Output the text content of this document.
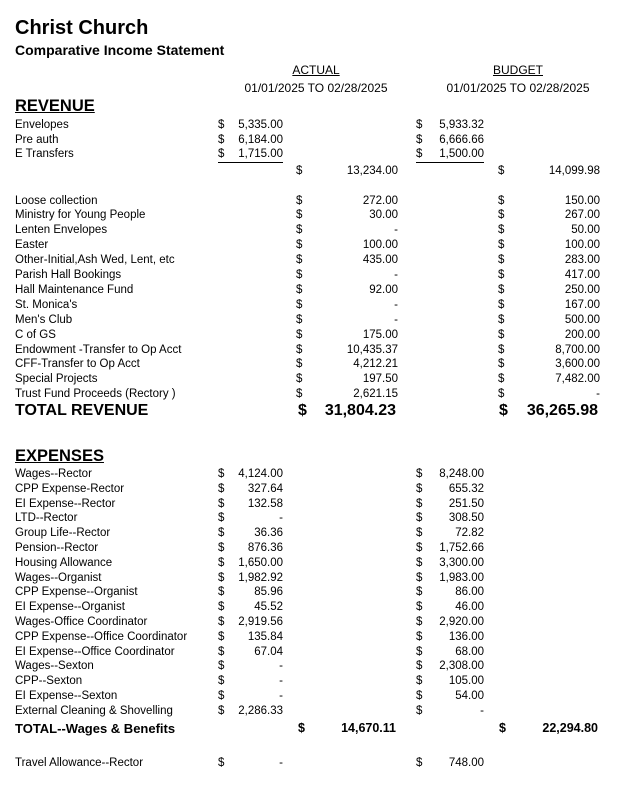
Christ Church
Comparative Income Statement
ACTUAL
01/01/2025 TO 02/28/2025
BUDGET
01/01/2025 TO 02/28/2025
REVENUE
Envelopes	$	5,335.00	$	5,933.32
Pre auth	$	6,184.00	$	6,666.66
E Transfers	$	1,715.00	$	1,500.00
$	13,234.00	$	14,099.98
Loose collection	$	272.00	$	150.00
Ministry for Young People	$	30.00	$	267.00
Lenten Envelopes	$	-	$	50.00
Easter	$	100.00	$	100.00
Other-Initial,Ash Wed, Lent, etc	$	435.00	$	283.00
Parish Hall Bookings	$	-	$	417.00
Hall Maintenance Fund	$	92.00	$	250.00
St. Monica's	$	-	$	167.00
Men's Club	$	-	$	500.00
C of GS	$	175.00	$	200.00
Endowment -Transfer to Op Acct	$	10,435.37	$	8,700.00
CFF-Transfer to Op Acct	$	4,212.21	$	3,600.00
Special Projects	$	197.50	$	7,482.00
Trust Fund Proceeds (Rectory )	$	2,621.15	$	-
TOTAL REVENUE	$	31,804.23	$	36,265.98
EXPENSES
Wages--Rector	$	4,124.00	$	8,248.00
CPP Expense-Rector	$	327.64	$	655.32
EI Expense--Rector	$	132.58	$	251.50
LTD--Rector	$	-	$	308.50
Group Life--Rector	$	36.36	$	72.82
Pension--Rector	$	876.36	$	1,752.66
Housing Allowance	$	1,650.00	$	3,300.00
Wages--Organist	$	1,982.92	$	1,983.00
CPP Expense--Organist	$	85.96	$	86.00
EI Expense--Organist	$	45.52	$	46.00
Wages-Office Coordinator	$	2,919.56	$	2,920.00
CPP Expense--Office Coordinator	$	135.84	$	136.00
EI Expense--Office Coordinator	$	67.04	$	68.00
Wages--Sexton	$	-	$	2,308.00
CPP--Sexton	$	-	$	105.00
EI Expense--Sexton	$	-	$	54.00
External Cleaning & Shovelling	$	2,286.33	$	-
TOTAL--Wages & Benefits	$	14,670.11	$	22,294.80
Travel Allowance--Rector	$	-	$	748.00
